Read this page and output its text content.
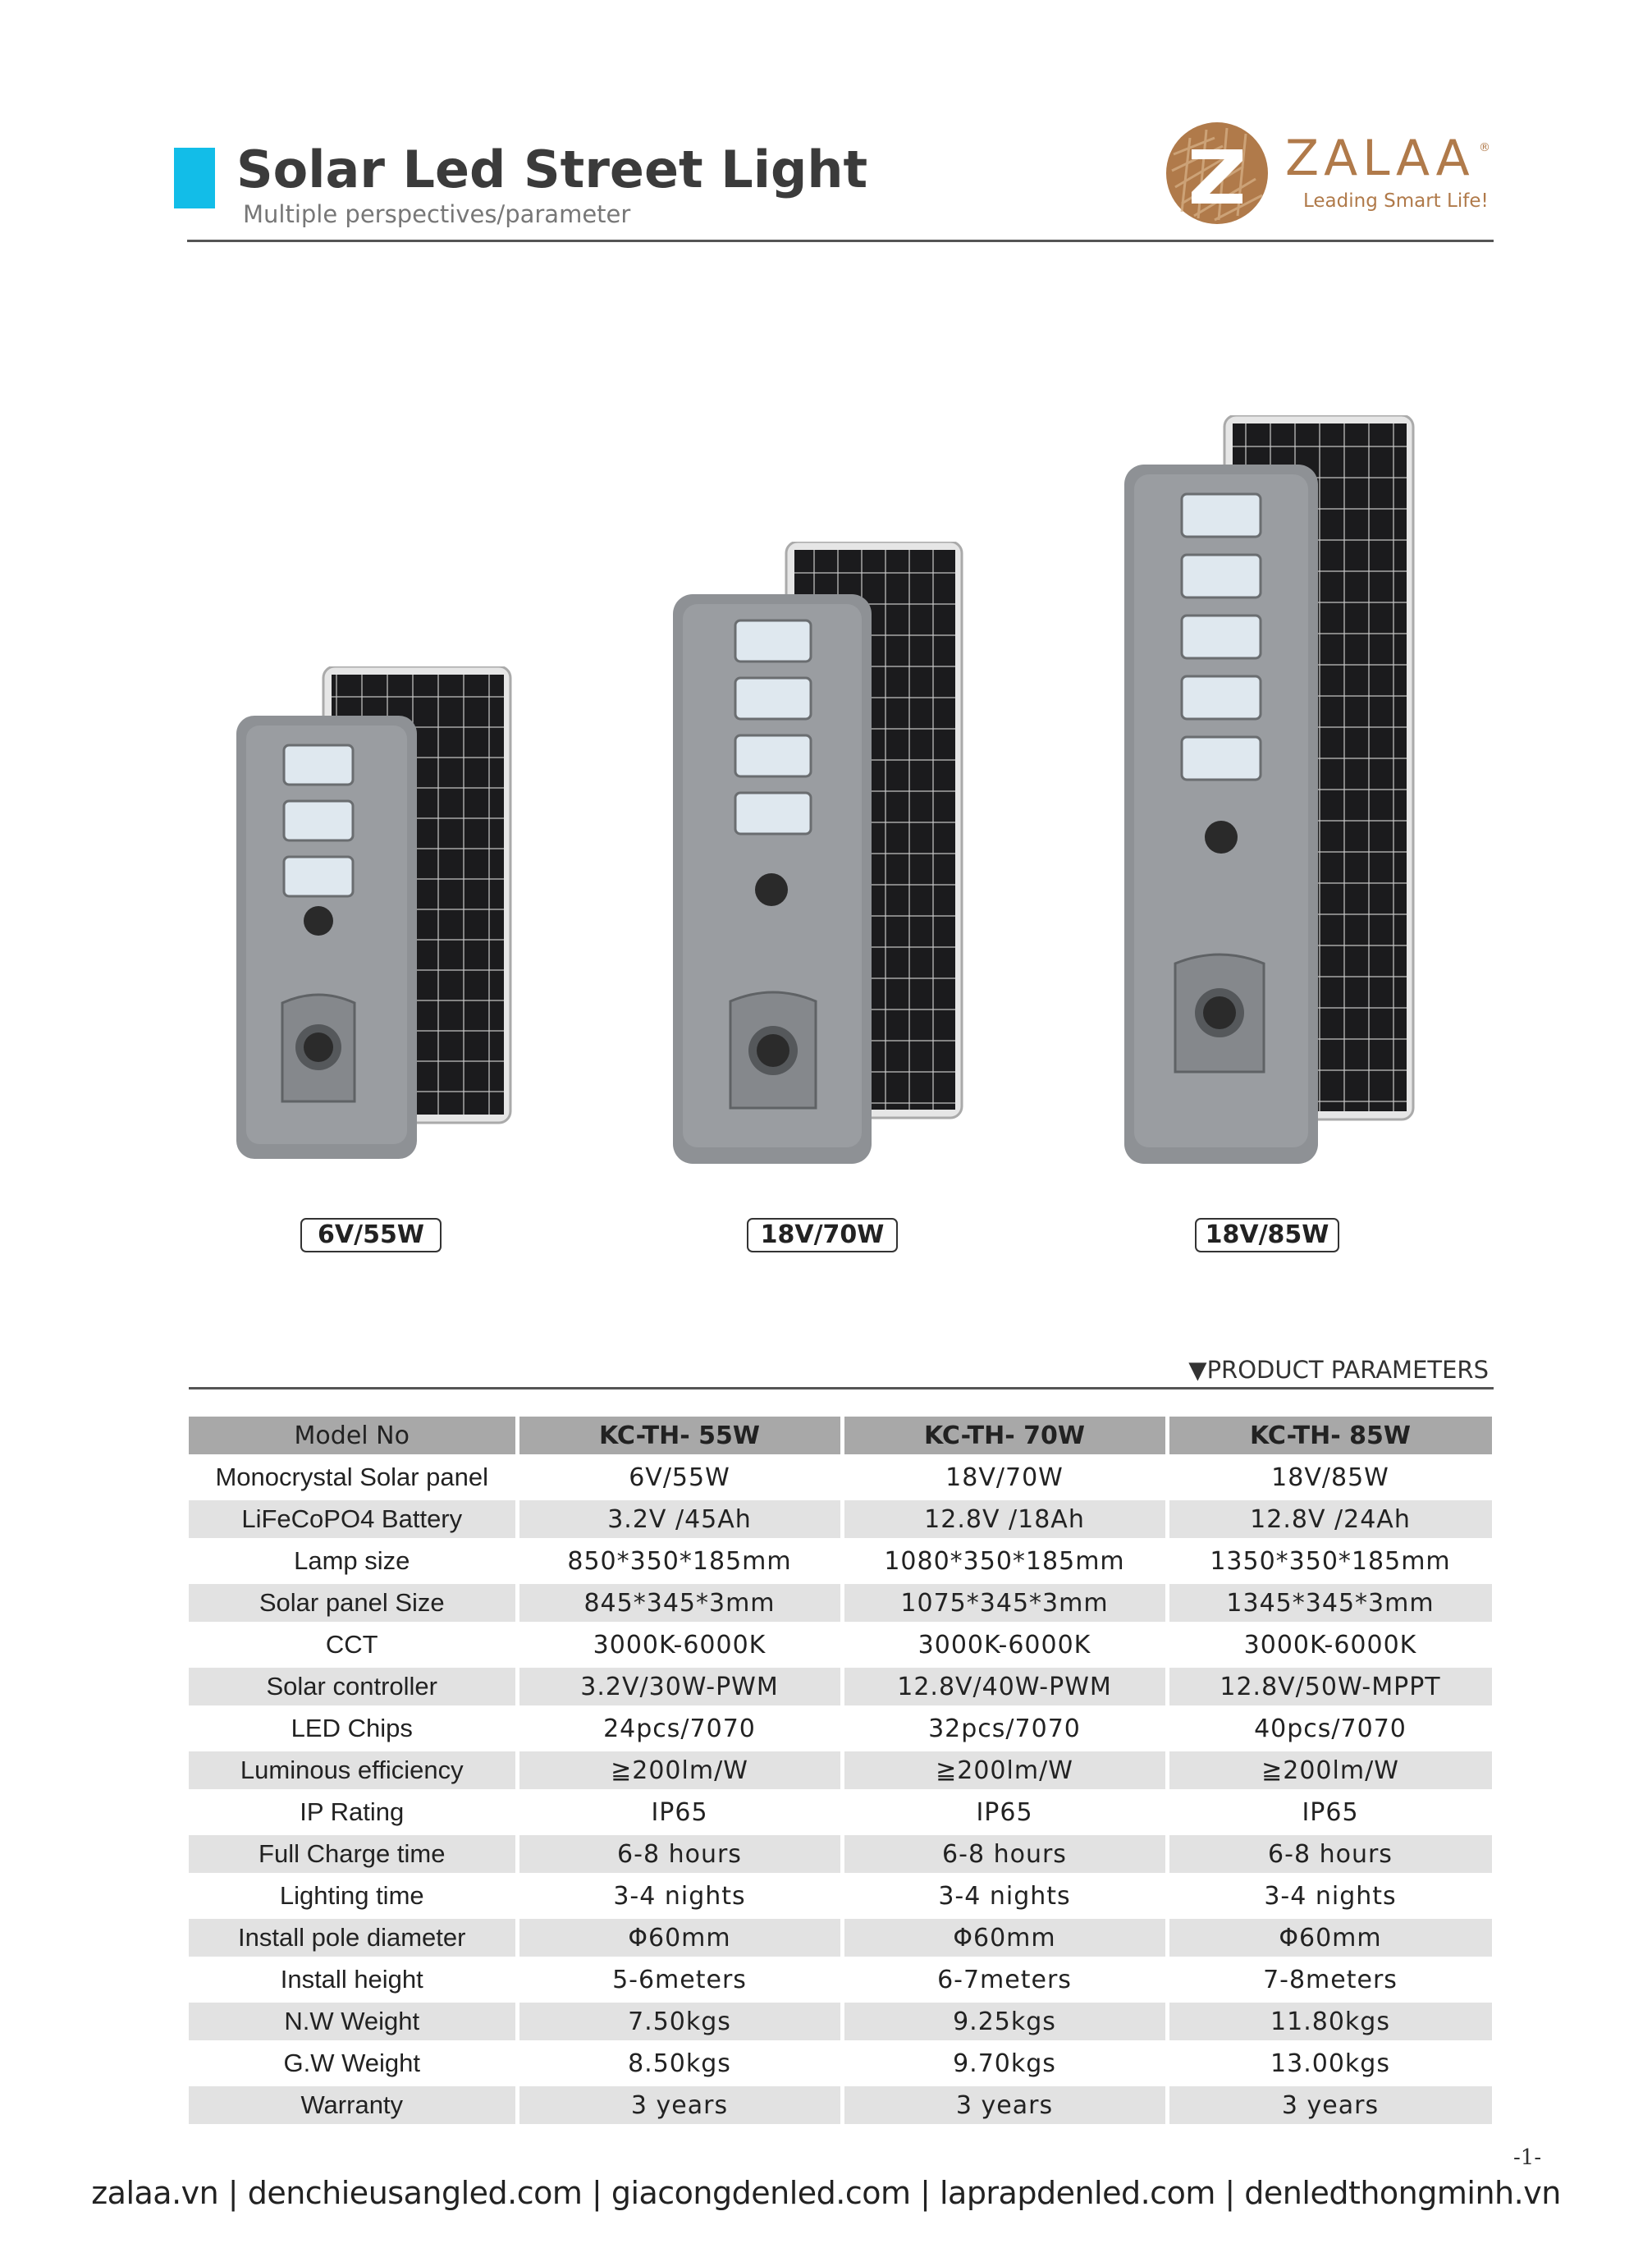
Solar Led Street Light
Multiple perspectives/parameter
ZALAA ®
Leading Smart Life!
6V/55W	18V/70W	18V/85W
▼PRODUCT PARAMETERS
Model No	KC-TH- 55W	KC-TH- 70W	KC-TH- 85W
Monocrystal Solar panel	6V/55W	18V/70W	18V/85W
LiFeCoPO4 Battery	3.2V /45Ah	12.8V /18Ah	12.8V /24Ah
Lamp size	850*350*185mm	1080*350*185mm	1350*350*185mm
Solar panel Size	845*345*3mm	1075*345*3mm	1345*345*3mm
CCT	3000K-6000K	3000K-6000K	3000K-6000K
Solar controller	3.2V/30W-PWM	12.8V/40W-PWM	12.8V/50W-MPPT
LED Chips	24pcs/7070	32pcs/7070	40pcs/7070
Luminous efficiency	≧200lm/W	≧200lm/W	≧200lm/W
IP Rating	IP65	IP65	IP65
Full Charge time	6-8 hours	6-8 hours	6-8 hours
Lighting time	3-4 nights	3-4 nights	3-4 nights
Install pole diameter	Φ60mm	Φ60mm	Φ60mm
Install height	5-6meters	6-7meters	7-8meters
N.W Weight	7.50kgs	9.25kgs	11.80kgs
G.W Weight	8.50kgs	9.70kgs	13.00kgs
Warranty	3 years	3 years	3 years
-1-
zalaa.vn | denchieusangled.com | giacongdenled.com | laprapdenled.com | denledthongminh.vn
